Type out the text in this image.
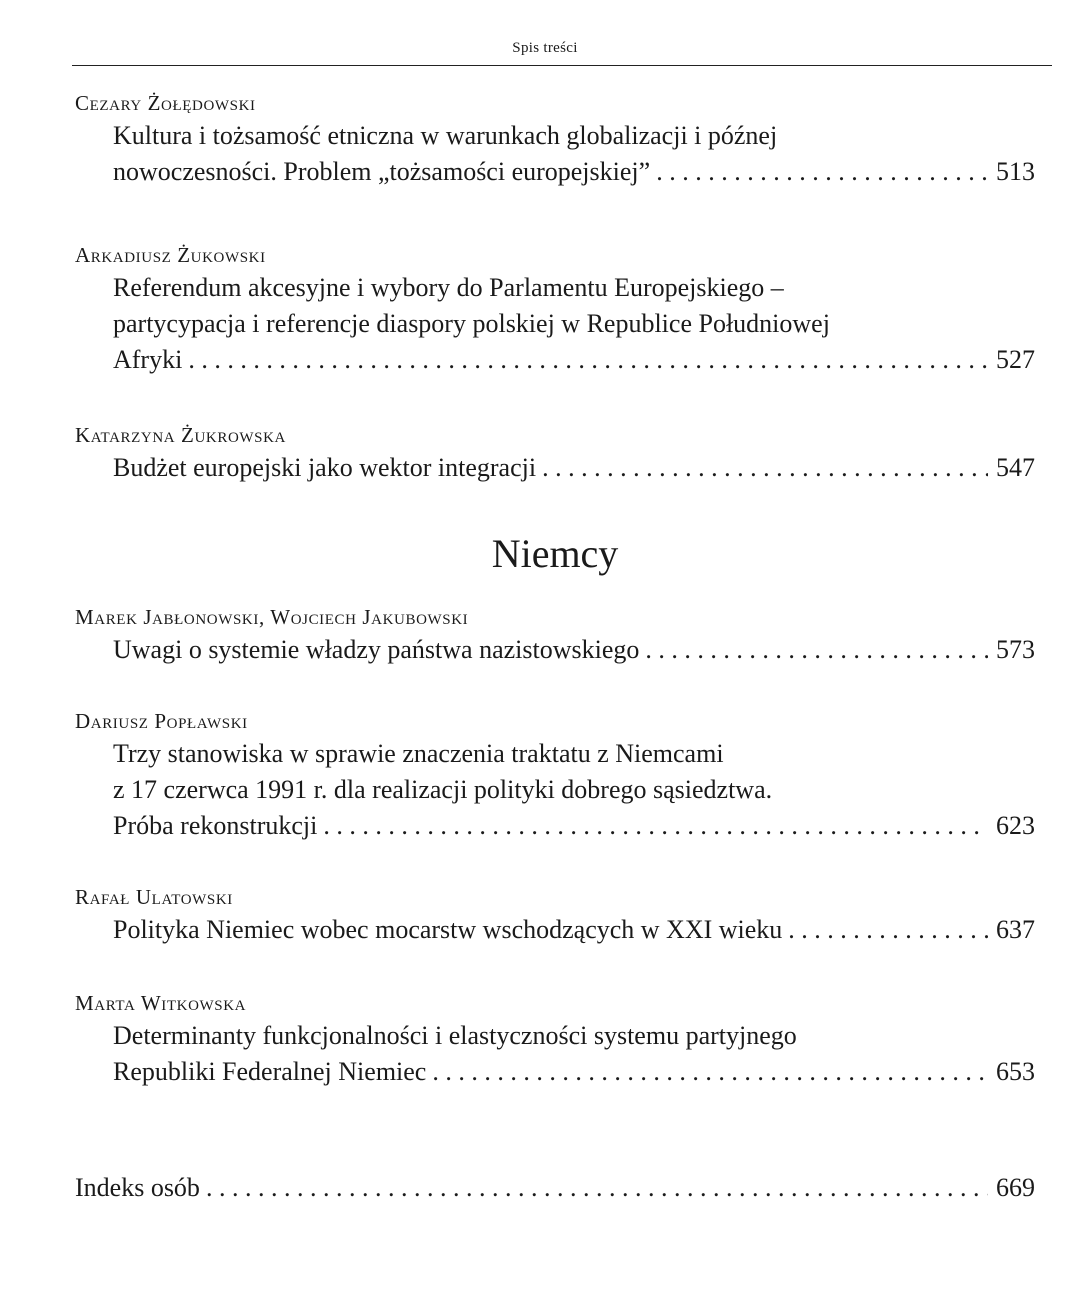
Spis treści
Cezary Żołędowski
Kultura i tożsamość etniczna w warunkach globalizacji i późnej
nowoczesności. Problem „tożsamości europejskiej” . . .	513
Arkadiusz Żukowski
Referendum akcesyjne i wybory do Parlamentu Europejskiego –
partycypacja i referencje diaspory polskiej w Republice Południowej
Afryki . . .	527
Katarzyna Żukrowska
Budżet europejski jako wektor integracji . . .	547
Niemcy
Marek Jabłonowski, Wojciech Jakubowski
Uwagi o systemie władzy państwa nazistowskiego . . .	573
Dariusz Popławski
Trzy stanowiska w sprawie znaczenia traktatu z Niemcami
z 17 czerwca 1991 r. dla realizacji polityki dobrego sąsiedztwa.
Próba rekonstrukcji . . .	623
Rafał Ulatowski
Polityka Niemiec wobec mocarstw wschodzących w XXI wieku . . .	637
Marta Witkowska
Determinanty funkcjonalności i elastyczności systemu partyjnego
Republiki Federalnej Niemiec . . .	653
Indeks osób . . .	669
